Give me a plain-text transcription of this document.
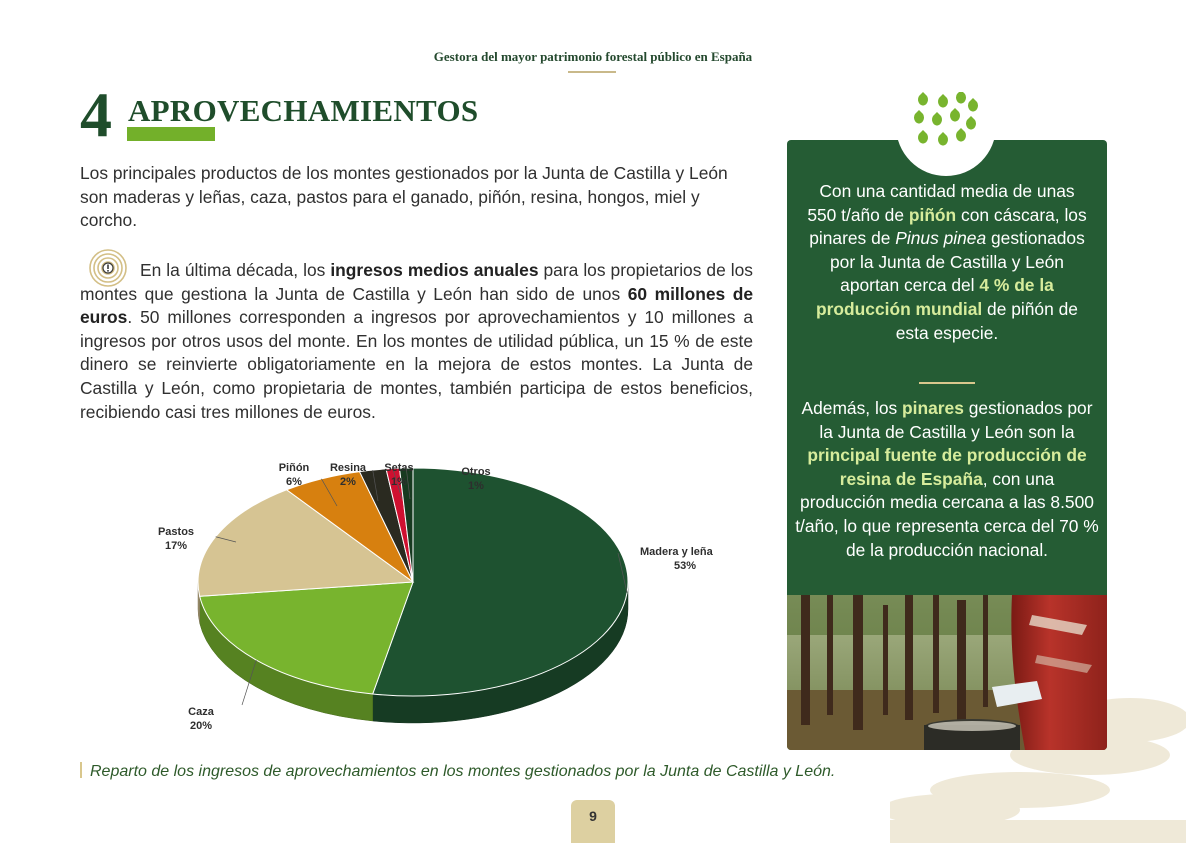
Gestora del mayor patrimonio forestal público en España
4 APROVECHAMIENTOS

Los principales productos de los montes gestionados por la Junta de Castilla y León son maderas y leñas, caza, pastos para el ganado, piñón, resina, hongos, miel y corcho.

En la última década, los ingresos medios anuales para los propietarios de los montes que gestiona la Junta de Castilla y León han sido de unos 60 millones de euros. 50 millones corresponden a ingresos por aprovechamientos y 10 millones a ingresos por otros usos del monte. En los montes de utilidad pública, un 15 % de este dinero se reinvierte obligatoriamente en la mejora de estos montes. La Junta de Castilla y León, como propietaria de montes, también participa de estos beneficios, recibiendo casi tres millones de euros.

Madera y leña
53%
Caza
20%
Pastos
17%
Piñón
6%
Resina
2%
Setas
1%
Otros
1%
Reparto de los ingresos de aprovechamientos en los montes gestionados por la Junta de Castilla y León.
9

Con una cantidad media de unas 550 t/año de piñón con cáscara, los pinares de Pinus pinea gestionados por la Junta de Castilla y León aportan cerca del 4 % de la producción mundial de piñón de esta especie.

Además, los pinares gestionados por la Junta de Castilla y León son la principal fuente de producción de resina de España, con una producción media cercana a las 8.500 t/año, lo que representa cerca del 70 % de la producción nacional.
